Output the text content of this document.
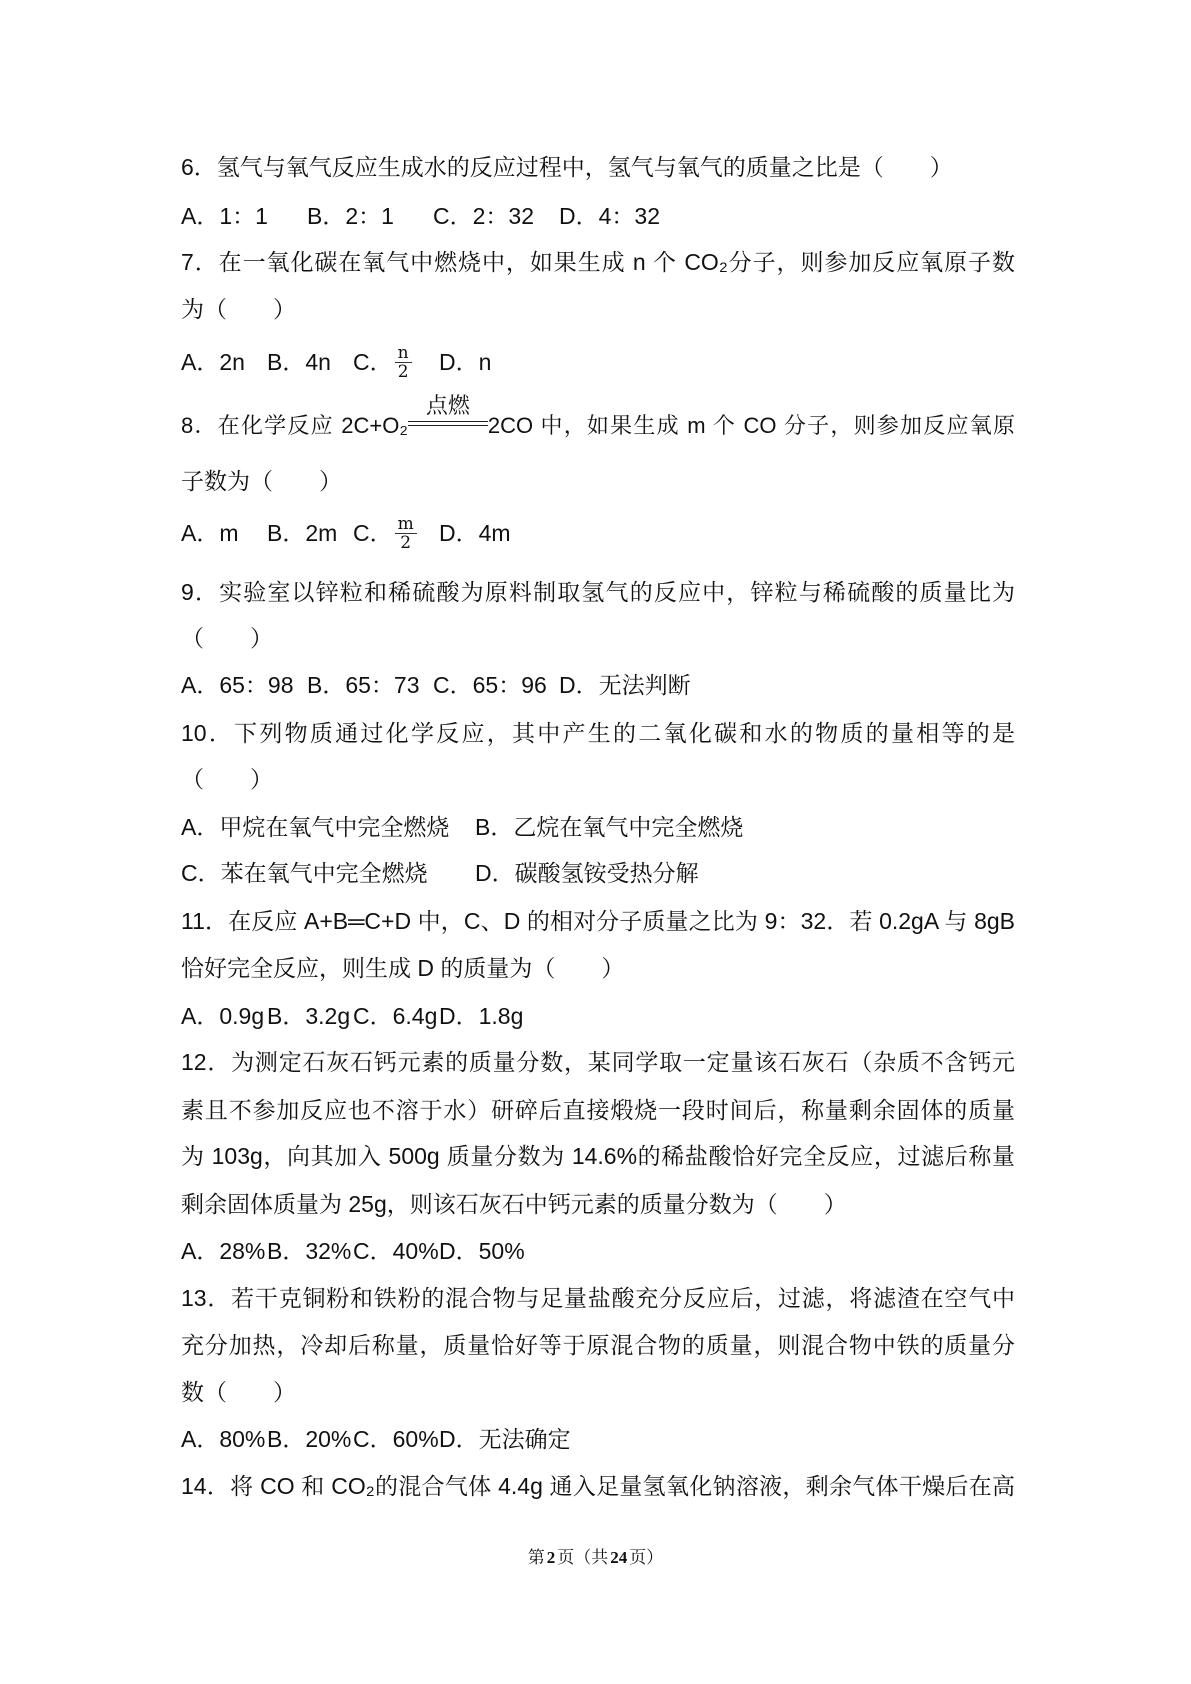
6．氢气与氧气反应生成水的反应过程中，氢气与氧气的质量之比是（　　）
A．1：1 B．2：1 C．2：32 D．4：32
7．在一氧化碳在氧气中燃烧中，如果生成 n 个 CO₂分子，则参加反应氧原子数
为（　　）
A．2n B．4n C． $\frac{n}{2}$ D．n
8．在化学反应 2C+O₂
点燃
2CO 中，如果生成 m 个 CO 分子，则参加反应氧原
子数为（　　）
A．m B．2m C． $\frac{m}{2}$ D．4m
9．实验室以锌粒和稀硫酸为原料制取氢气的反应中，锌粒与稀硫酸的质量比为
（　　）
A．65：98 B．65：73 C．65：96 D．无法判断
10．下列物质通过化学反应，其中产生的二氧化碳和水的物质的量相等的是
（　　）
A．甲烷在氧气中完全燃烧 B．乙烷在氧气中完全燃烧
C．苯在氧气中完全燃烧 D．碳酸氢铵受热分解
11．在反应 A+B═C+D 中，C、D 的相对分子质量之比为 9：32．若 0.2gA 与 8gB
恰好完全反应，则生成 D 的质量为（　　）
A．0.9g B．3.2g C．6.4gD．1.8g
12．为测定石灰石钙元素的质量分数，某同学取一定量该石灰石（杂质不含钙元
素且不参加反应也不溶于水）研碎后直接煅烧一段时间后，称量剩余固体的质量
为 103g，向其加入 500g 质量分数为 14.6%的稀盐酸恰好完全反应，过滤后称量
剩余固体质量为 25g，则该石灰石中钙元素的质量分数为（　　）
A．28%B．32%C．40%D．50%
13．若干克铜粉和铁粉的混合物与足量盐酸充分反应后，过滤，将滤渣在空气中
充分加热，冷却后称量，质量恰好等于原混合物的质量，则混合物中铁的质量分
数（　　）
A．80%B．20%C．60%D．无法确定
14．将 CO 和 CO₂的混合气体 4.4g 通入足量氢氧化钠溶液，剩余气体干燥后在高
第 2 页（共 24 页）
